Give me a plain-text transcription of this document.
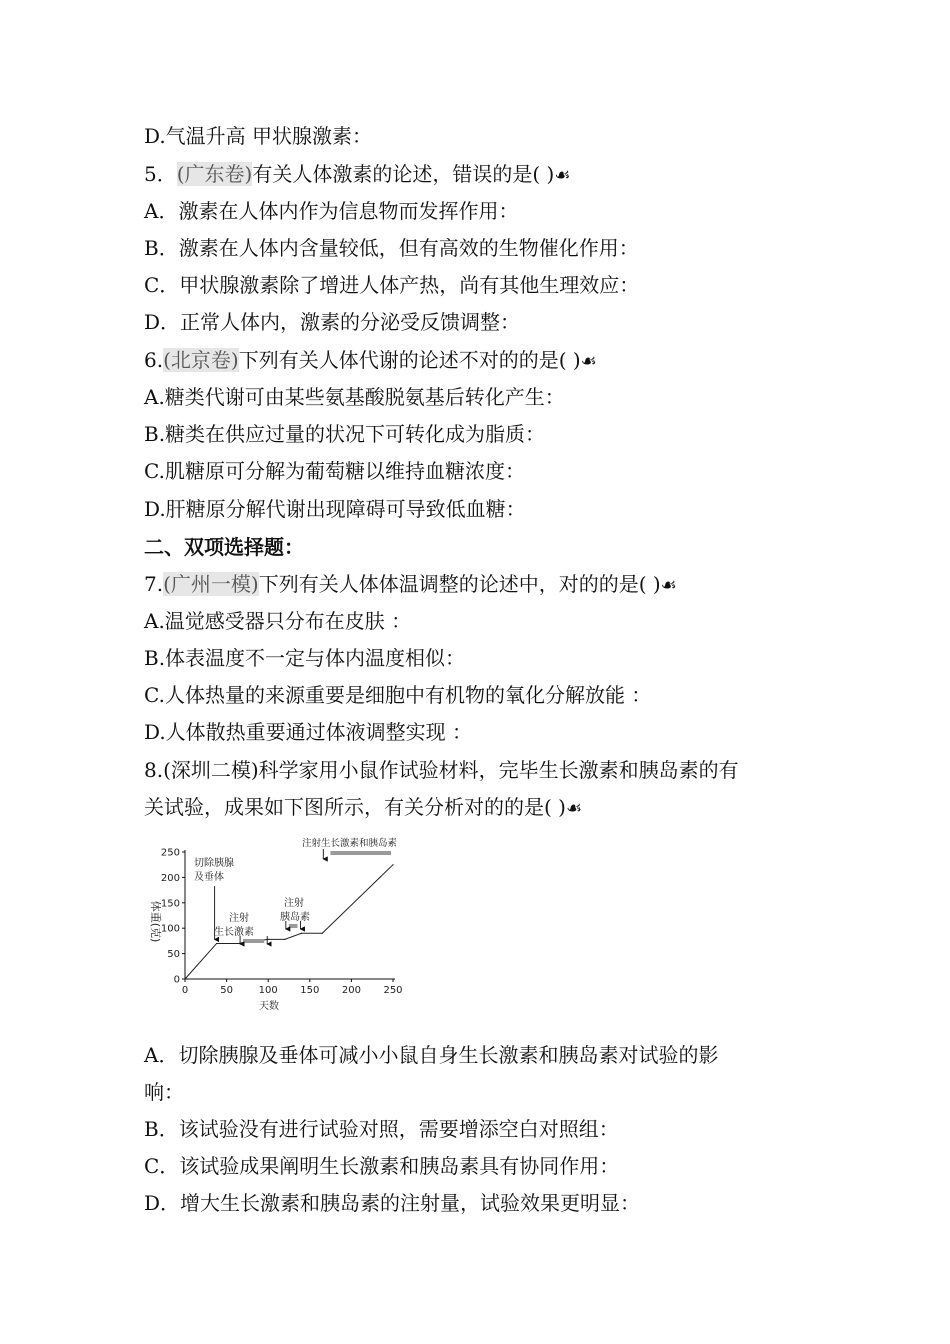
D.气温升高 甲状腺激素：
5．(广东卷)有关人体激素的论述，错误的是( )☙
A．激素在人体内作为信息物而发挥作用：
B．激素在人体内含量较低，但有高效的生物催化作用：
C．甲状腺激素除了增进人体产热，尚有其他生理效应：
D．正常人体内，激素的分泌受反馈调整：
6.(北京卷)下列有关人体代谢的论述不对的的是( )☙
A.糖类代谢可由某些氨基酸脱氨基后转化产生：
B.糖类在供应过量的状况下可转化成为脂质：
C.肌糖原可分解为葡萄糖以维持血糖浓度：
D.肝糖原分解代谢出现障碍可导致低血糖：
二、双项选择题：
7.(广州一模)下列有关人体体温调整的论述中，对的的是( )☙
A.温觉感受器只分布在皮肤 ：
B.体表温度不一定与体内温度相似：
C.人体热量的来源重要是细胞中有机物的氧化分解放能 ：
D.人体散热重要通过体液调整实现 ：
8.(深圳二模)科学家用小鼠作试验材料，完毕生长激素和胰岛素的有
关试验，成果如下图所示，有关分析对的的是( )☙
0	50	100 150 200 250
0
50
100
150
200
250
天数
体重(克)
切除胰腺
及垂体
注射
生长激素
注射
胰岛素
注射生长激素和胰岛素
A．切除胰腺及垂体可减小小鼠自身生长激素和胰岛素对试验的影
响：
B．该试验没有进行试验对照，需要增添空白对照组：
C．该试验成果阐明生长激素和胰岛素具有协同作用：
D．增大生长激素和胰岛素的注射量，试验效果更明显：
